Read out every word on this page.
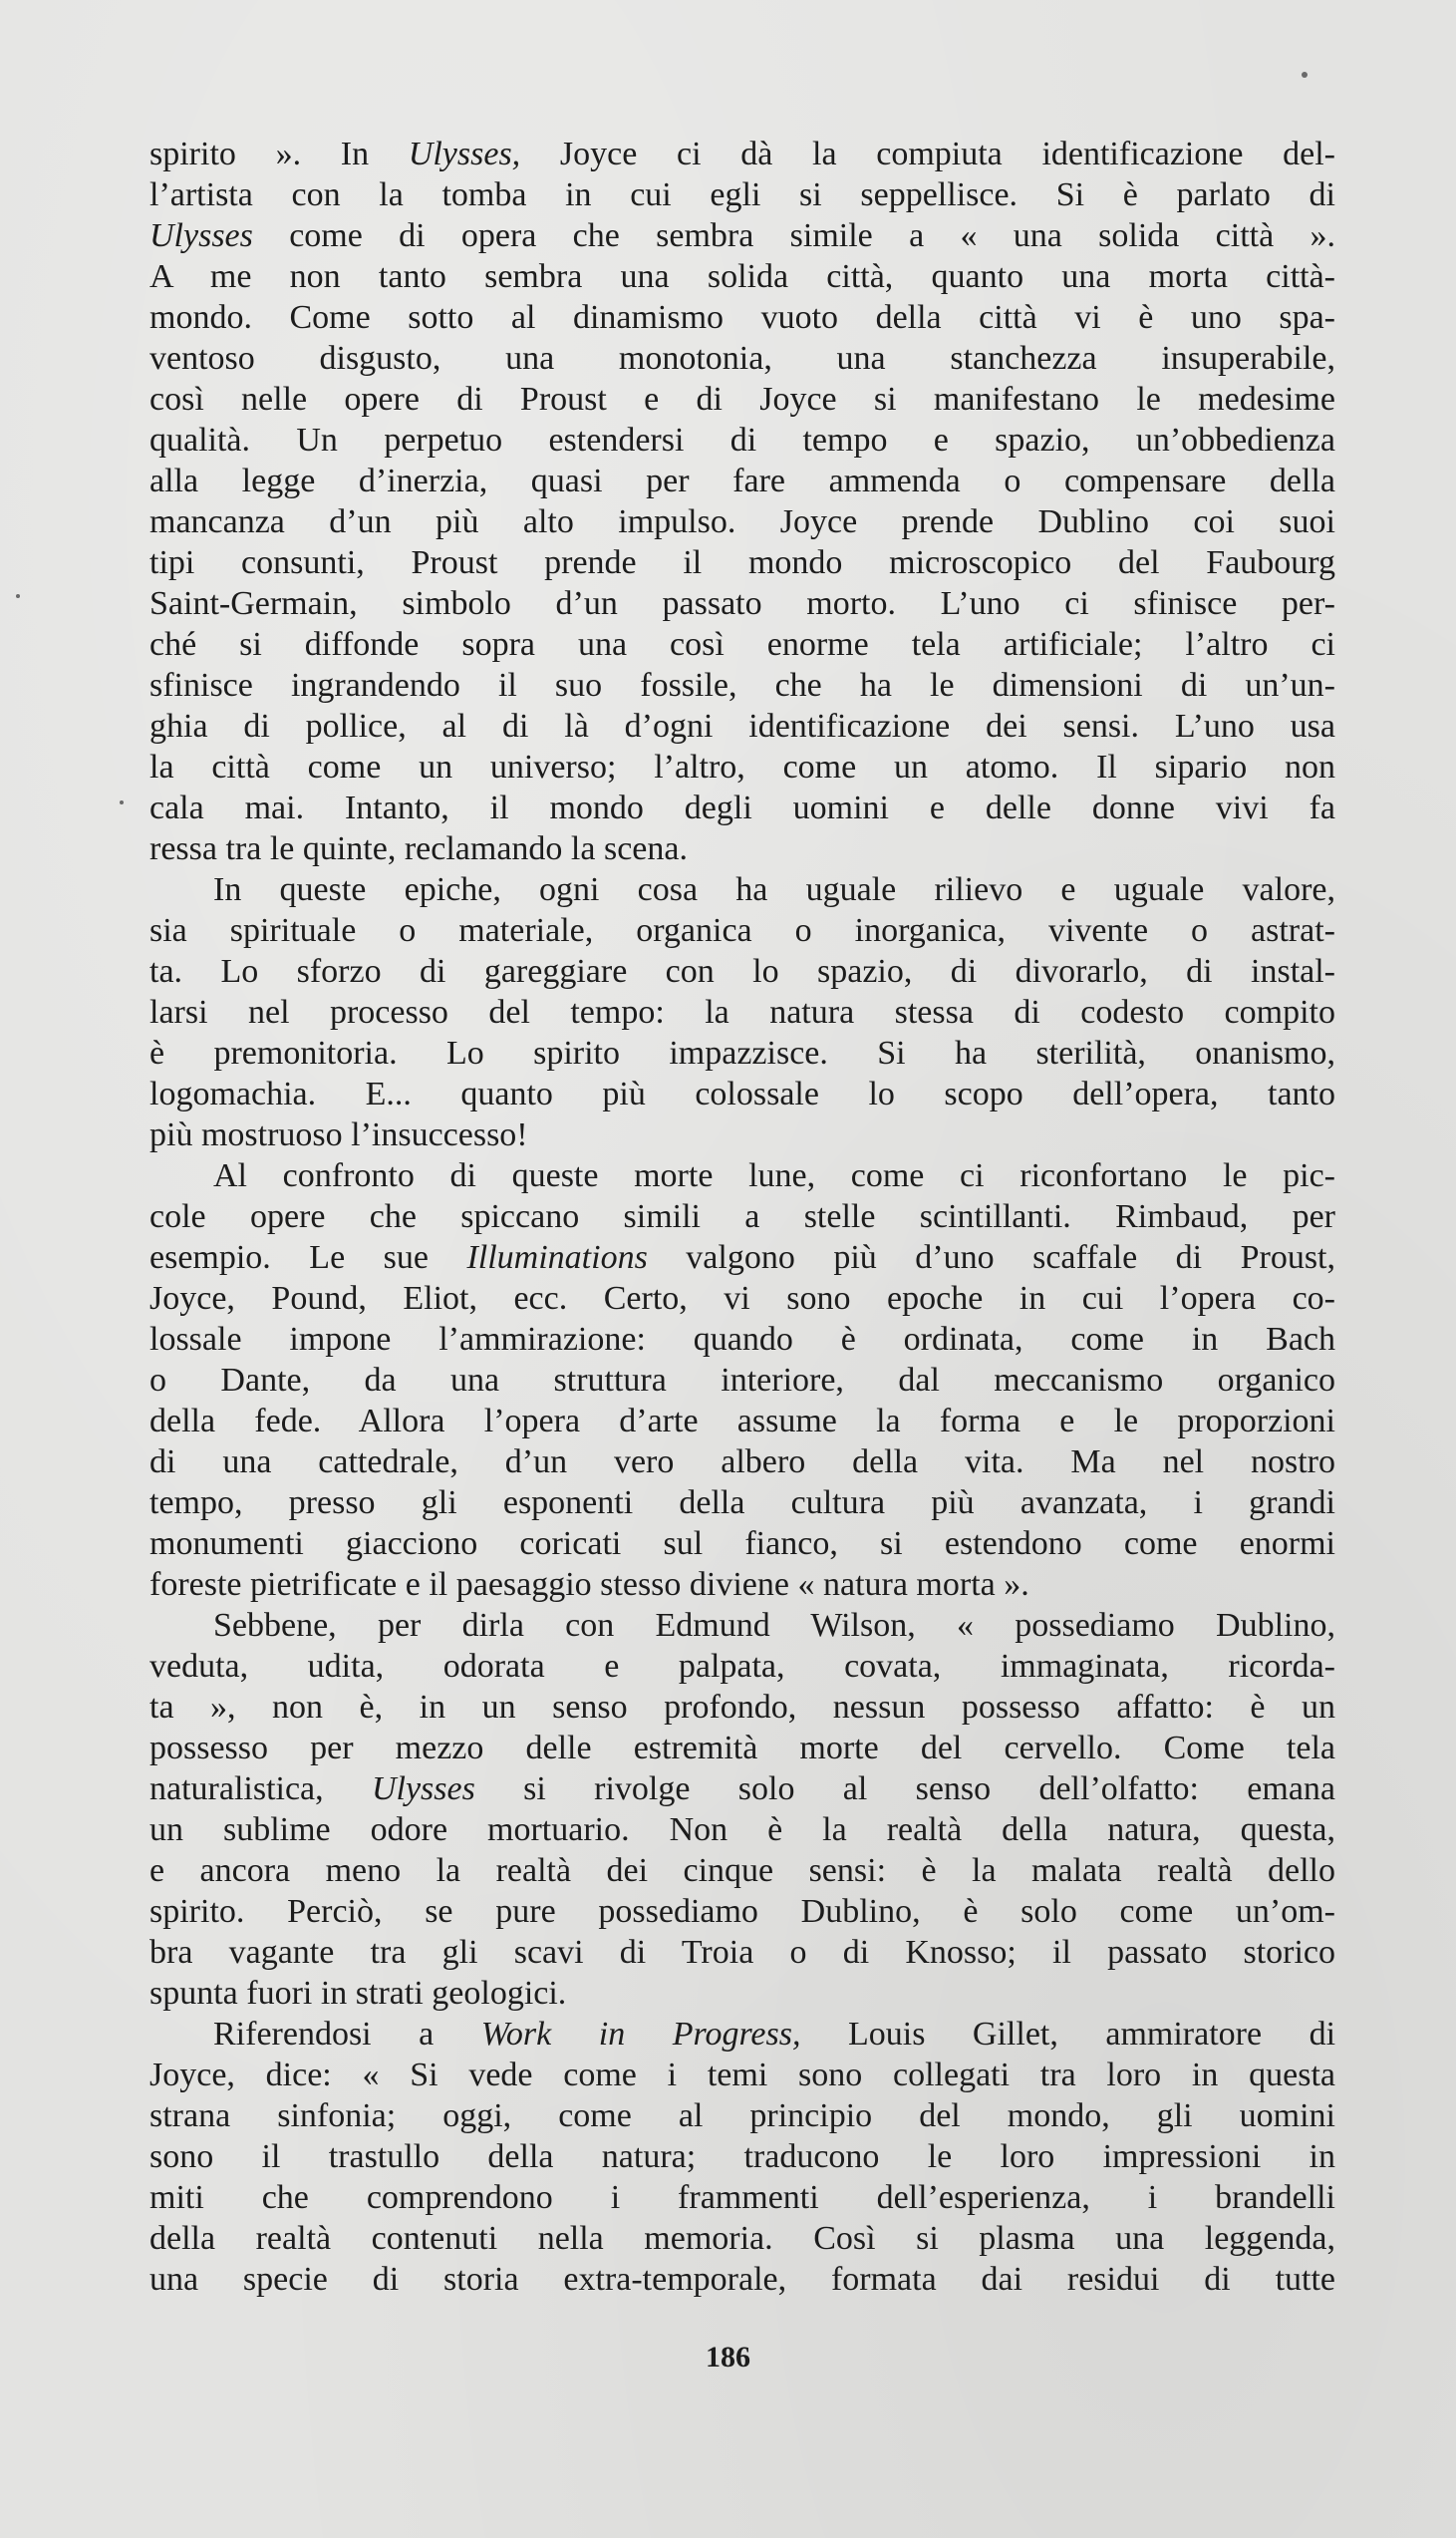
spirito ». In Ulysses, Joyce ci dà la compiuta identificazione del-
l’artista con la tomba in cui egli si seppellisce. Si è parlato di
Ulysses come di opera che sembra simile a « una solida città ».
A me non tanto sembra una solida città, quanto una morta città-
mondo. Come sotto al dinamismo vuoto della città vi è uno spa-
ventoso disgusto, una monotonia, una stanchezza insuperabile,
così nelle opere di Proust e di Joyce si manifestano le medesime
qualità. Un perpetuo estendersi di tempo e spazio, un’obbedienza
alla legge d’inerzia, quasi per fare ammenda o compensare della
mancanza d’un più alto impulso. Joyce prende Dublino coi suoi
tipi consunti, Proust prende il mondo microscopico del Faubourg
Saint-Germain, simbolo d’un passato morto. L’uno ci sfinisce per-
ché si diffonde sopra una così enorme tela artificiale; l’altro ci
sfinisce ingrandendo il suo fossile, che ha le dimensioni di un’un-
ghia di pollice, al di là d’ogni identificazione dei sensi. L’uno usa
la città come un universo; l’altro, come un atomo. Il sipario non
cala mai. Intanto, il mondo degli uomini e delle donne vivi fa
ressa tra le quinte, reclamando la scena.
In queste epiche, ogni cosa ha uguale rilievo e uguale valore,
sia spirituale o materiale, organica o inorganica, vivente o astrat-
ta. Lo sforzo di gareggiare con lo spazio, di divorarlo, di instal-
larsi nel processo del tempo: la natura stessa di codesto compito
è premonitoria. Lo spirito impazzisce. Si ha sterilità, onanismo,
logomachia. E... quanto più colossale lo scopo dell’opera, tanto
più mostruoso l’insuccesso!
Al confronto di queste morte lune, come ci riconfortano le pic-
cole opere che spiccano simili a stelle scintillanti. Rimbaud, per
esempio. Le sue Illuminations valgono più d’uno scaffale di Proust,
Joyce, Pound, Eliot, ecc. Certo, vi sono epoche in cui l’opera co-
lossale impone l’ammirazione: quando è ordinata, come in Bach
o Dante, da una struttura interiore, dal meccanismo organico
della fede. Allora l’opera d’arte assume la forma e le proporzioni
di una cattedrale, d’un vero albero della vita. Ma nel nostro
tempo, presso gli esponenti della cultura più avanzata, i grandi
monumenti giacciono coricati sul fianco, si estendono come enormi
foreste pietrificate e il paesaggio stesso diviene « natura morta ».
Sebbene, per dirla con Edmund Wilson, « possediamo Dublino,
veduta, udita, odorata e palpata, covata, immaginata, ricorda-
ta », non è, in un senso profondo, nessun possesso affatto: è un
possesso per mezzo delle estremità morte del cervello. Come tela
naturalistica, Ulysses si rivolge solo al senso dell’olfatto: emana
un sublime odore mortuario. Non è la realtà della natura, questa,
e ancora meno la realtà dei cinque sensi: è la malata realtà dello
spirito. Perciò, se pure possediamo Dublino, è solo come un’om-
bra vagante tra gli scavi di Troia o di Knosso; il passato storico
spunta fuori in strati geologici.
Riferendosi a Work in Progress, Louis Gillet, ammiratore di
Joyce, dice: « Si vede come i temi sono collegati tra loro in questa
strana sinfonia; oggi, come al principio del mondo, gli uomini
sono il trastullo della natura; traducono le loro impressioni in
miti che comprendono i frammenti dell’esperienza, i brandelli
della realtà contenuti nella memoria. Così si plasma una leggenda,
una specie di storia extra-temporale, formata dai residui di tutte
186
